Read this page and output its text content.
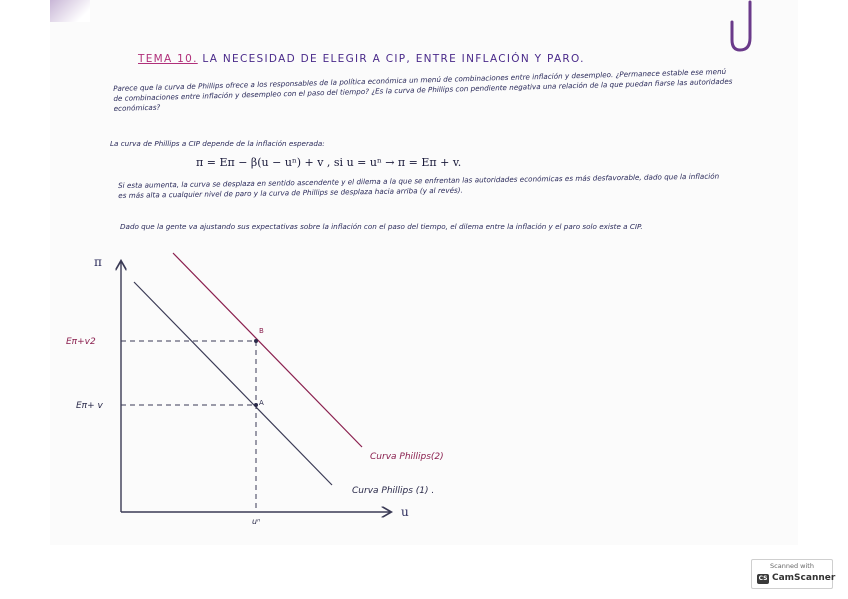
TEMA 10. LA NECESIDAD DE ELEGIR A CIP, ENTRE INFLACIÓN Y PARO.
Parece que la curva de Phillips ofrece a los responsables de la política económica un menú de combinaciones entre inflación y desempleo. ¿Permanece estable ese menú de combinaciones entre inflación y desempleo con el paso del tiempo? ¿Es la curva de Phillips con pendiente negativa una relación de la que puedan fiarse las autoridades económicas?
La curva de Phillips a CIP depende de la inflación esperada:
π = Eπ − β(u − uⁿ) + v , si u = uⁿ → π = Eπ + v.
Si esta aumenta, la curva se desplaza en sentido ascendente y el dilema a la que se enfrentan las autoridades económicas es más desfavorable, dado que la inflación es más alta a cualquier nivel de paro y la curva de Phillips se desplaza hacia arriba (y al revés).
Dado que la gente va ajustando sus expectativas sobre la inflación con el paso del tiempo, el dilema entre la inflación y el paro solo existe a CIP.
π
u
B
A
Eπ+v2
Eπ+ v
uⁿ
Curva Phillips(2)
Curva Phillips (1) .
Scanned with
CS CamScanner
